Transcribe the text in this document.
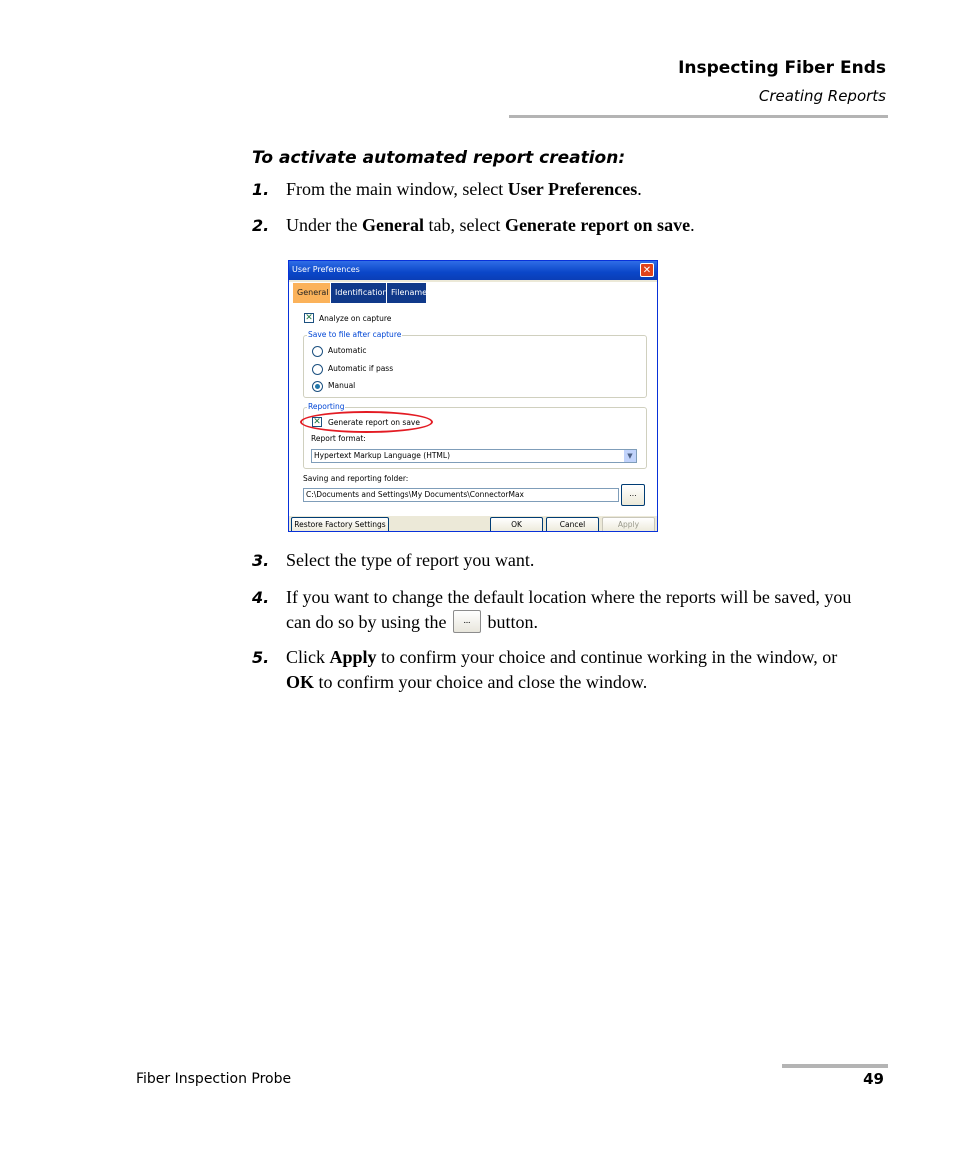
Inspecting Fiber Ends
Creating Reports
To activate automated report creation:
1. From the main window, select User Preferences.
2. Under the General tab, select Generate report on save.
User Preferences	✕
General Identification Filename
✕ Analyze on capture
Save to file after capture
Automatic
Automatic if pass
Manual
Reporting
✕ Generate report on save
Report format:
Hypertext Markup Language (HTML)	▼
Saving and reporting folder:
C:\Documents and Settings\My Documents\ConnectorMax	...
Restore Factory Settings	OK	Cancel	Apply
3. Select the type of report you want.
4. If you want to change the default location where the reports will be saved, you can do so by using the ... button.
5. Click Apply to confirm your choice and continue working in the window, or OK to confirm your choice and close the window.
Fiber Inspection Probe	49
